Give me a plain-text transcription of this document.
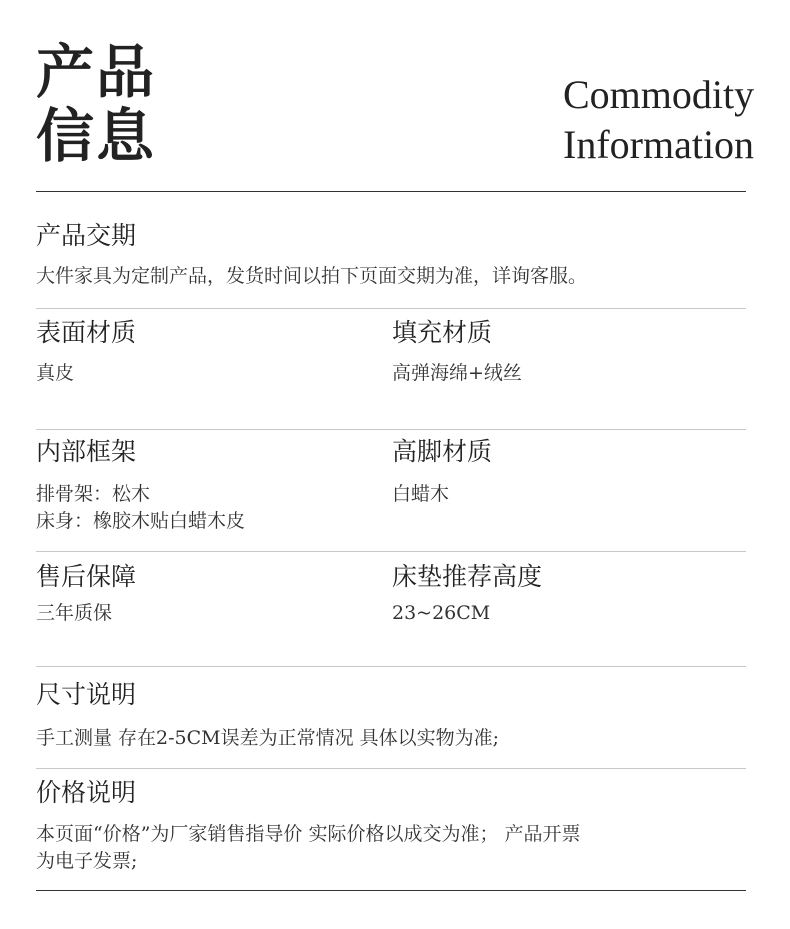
产品
信息
Commodity
Information
产品交期
大件家具为定制产品，发货时间以拍下页面交期为准，详询客服。
表面材质
真皮
填充材质
高弹海绵+绒丝
内部框架
排骨架：松木
床身：橡胶木贴白蜡木皮
高脚材质
白蜡木
售后保障
三年质保
床垫推荐高度
23~26CM
尺寸说明
手工测量 存在2-5CM误差为正常情况 具体以实物为准;
价格说明
本页面“价格”为厂家销售指导价 实际价格以成交为准； 产品开票
为电子发票;
